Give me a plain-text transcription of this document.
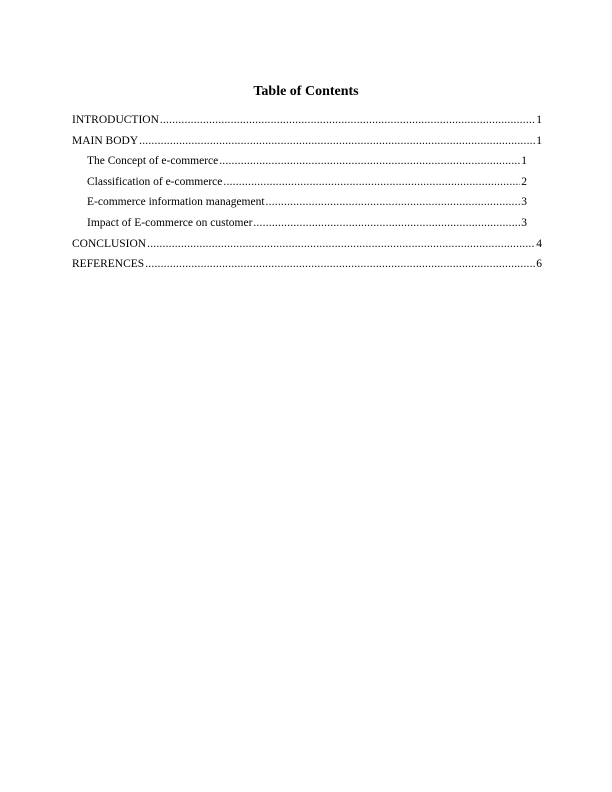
Table of Contents
INTRODUCTION .....	1
MAIN BODY .....	1
The Concept of e-commerce .....	1
Classification of e-commerce .....	2
E-commerce information management .....	3
Impact of E-commerce on customer .....	3
CONCLUSION .....	4
REFERENCES .....	6
